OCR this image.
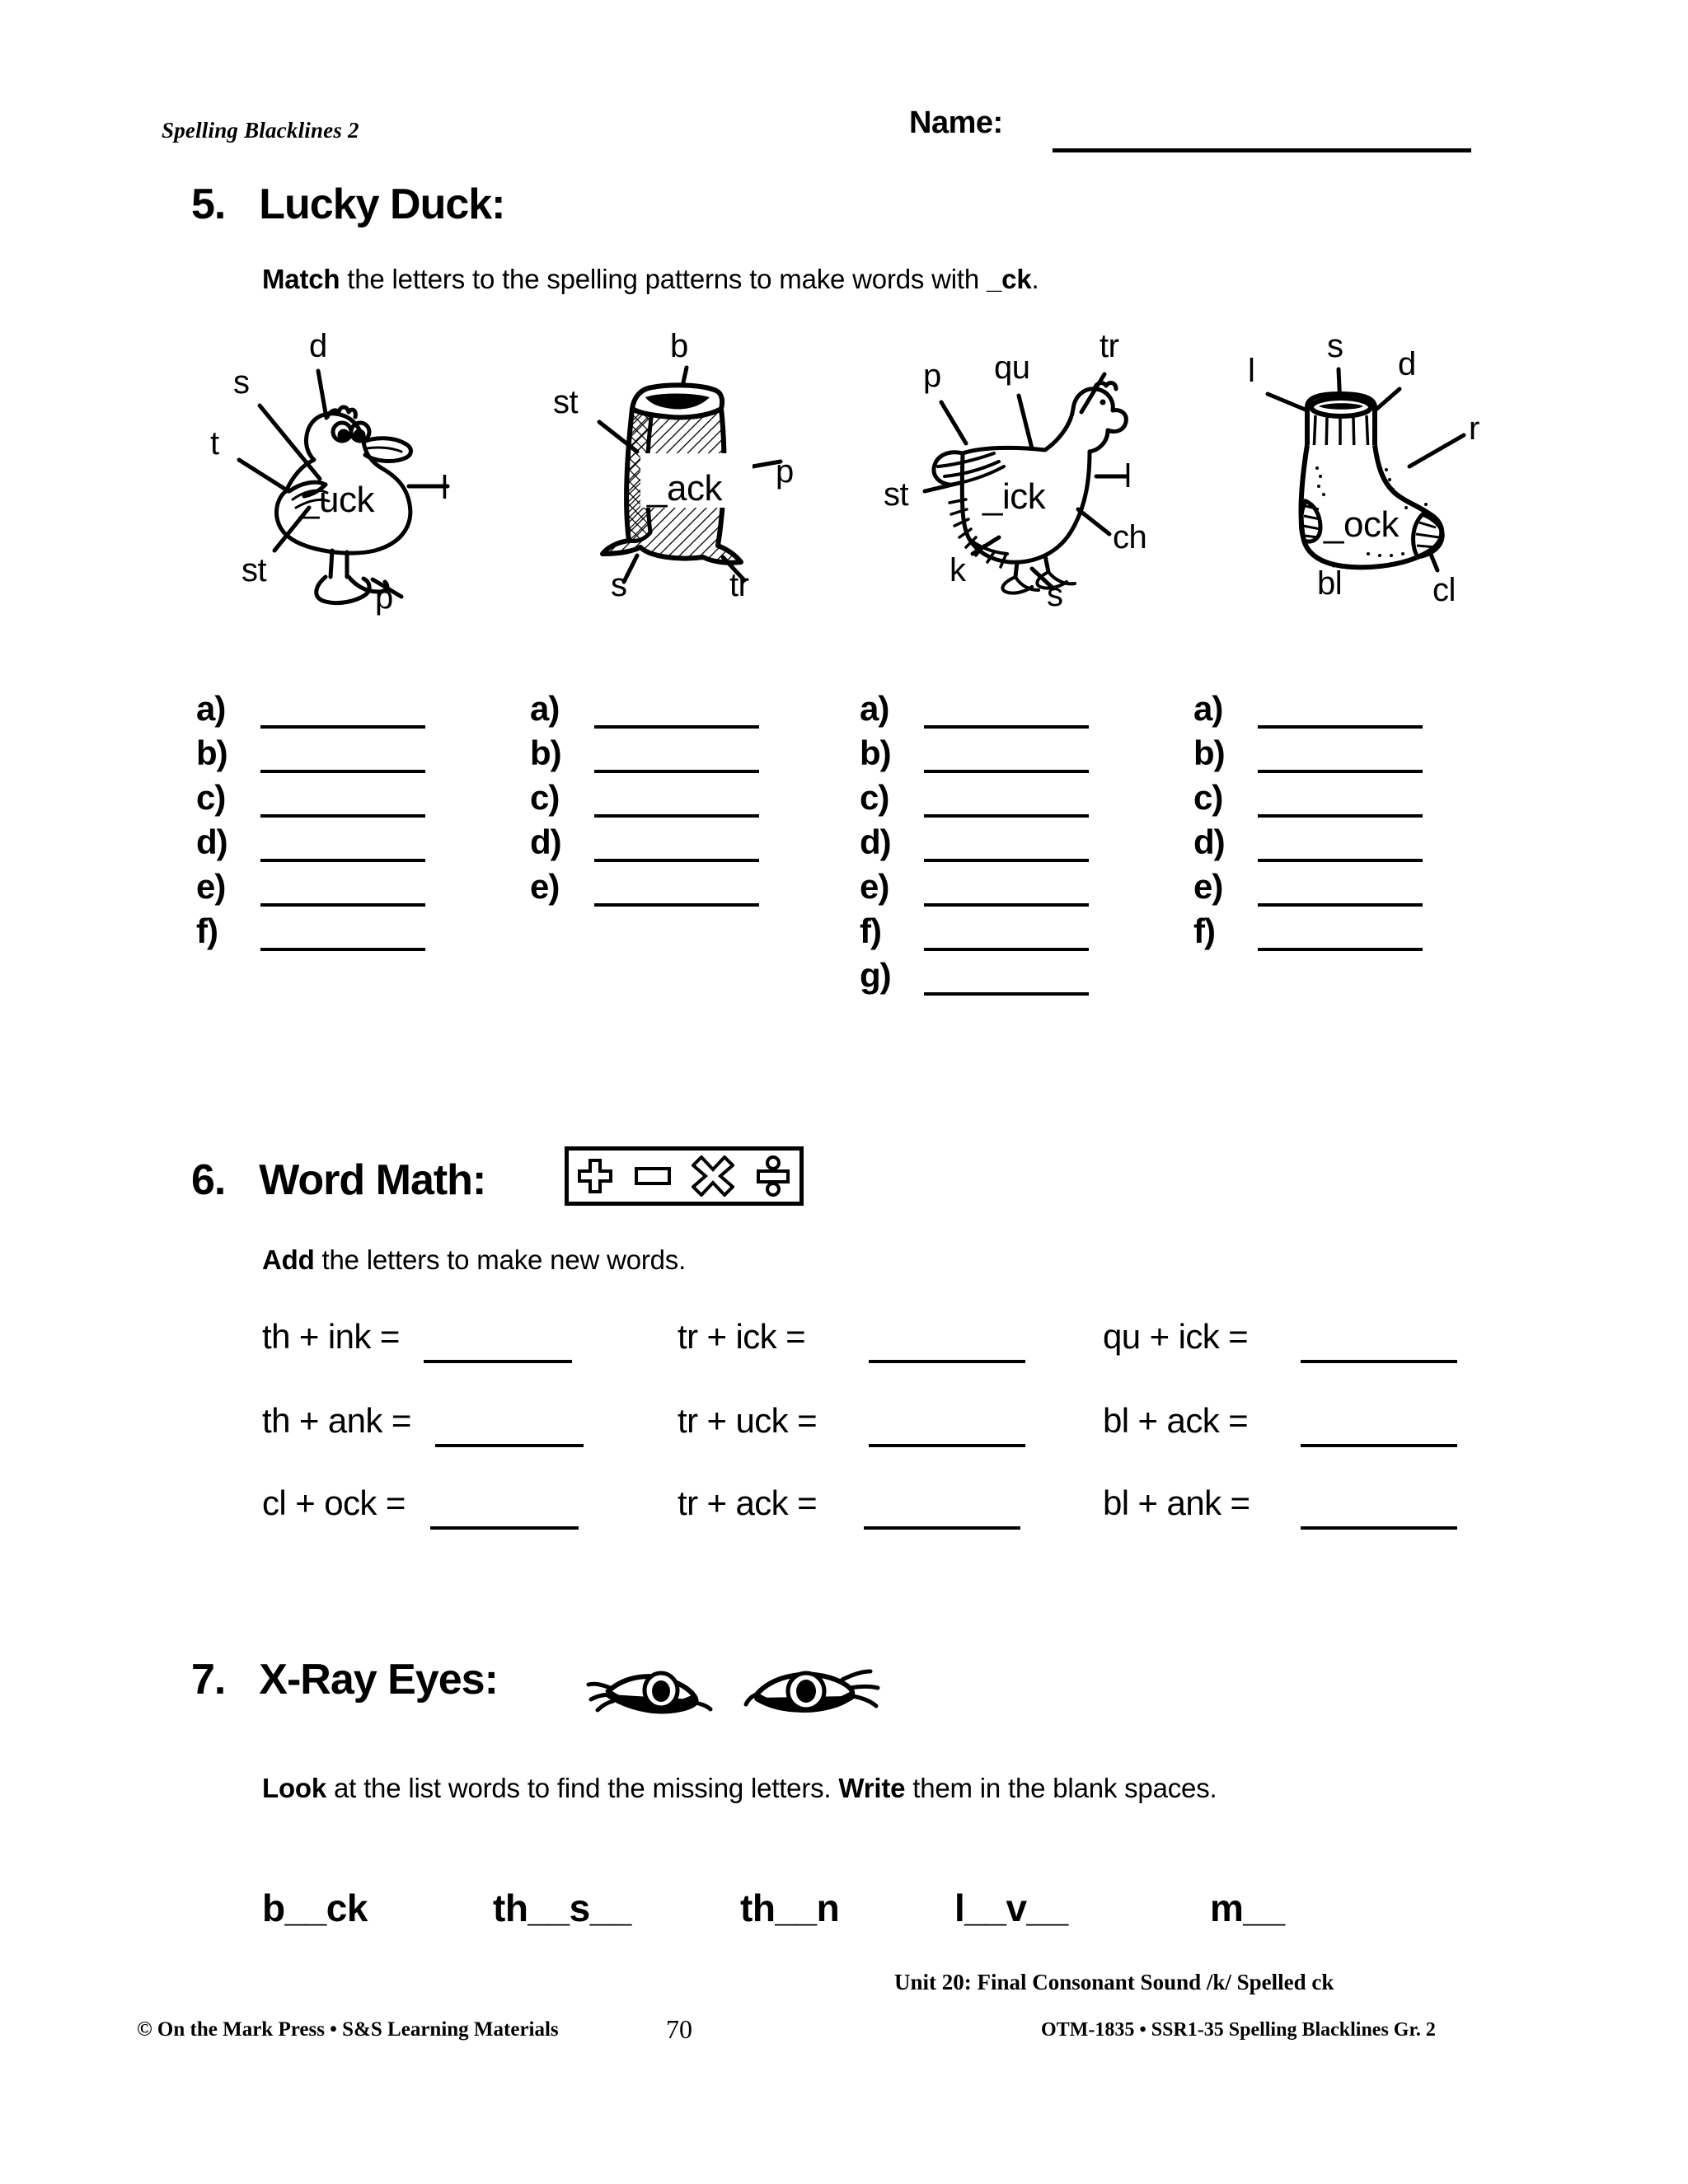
Spelling Blacklines 2	Name:
5. Lucky Duck:
Match the letters to the spelling patterns to make words with _ck.
d
s
t
l
st
p
_uck
b
st
p
s	tr
_ack
p qu
tr
st	l
ch
k
s
_ick
s
l	d
r
bl	cl
_ock
6. Word Math:
Add the letters to make new words.
7. X-Ray Eyes:
Look at the list words to find the missing letters. Write them in the blank spaces.
© On the Mark Press • S&S Learning Materials	70
Unit 20: Final Consonant Sound /k/ Spelled ck
OTM-1835 • SSR1-35 Spelling Blacklines Gr. 2
a)
b)
c)
d)
e)
f)
a)
b)
c)
d)
e)
a)
b)
c)
d)
e)
f)
g)
a)
b)
c)
d)
e)
f)
th + ink =	tr + ick =	qu + ick =
th + ank =	tr + uck =	bl + ack =
cl + ock =	tr + ack =	bl + ank =
b__ck	th__s__	th__n	l__v__	m__
